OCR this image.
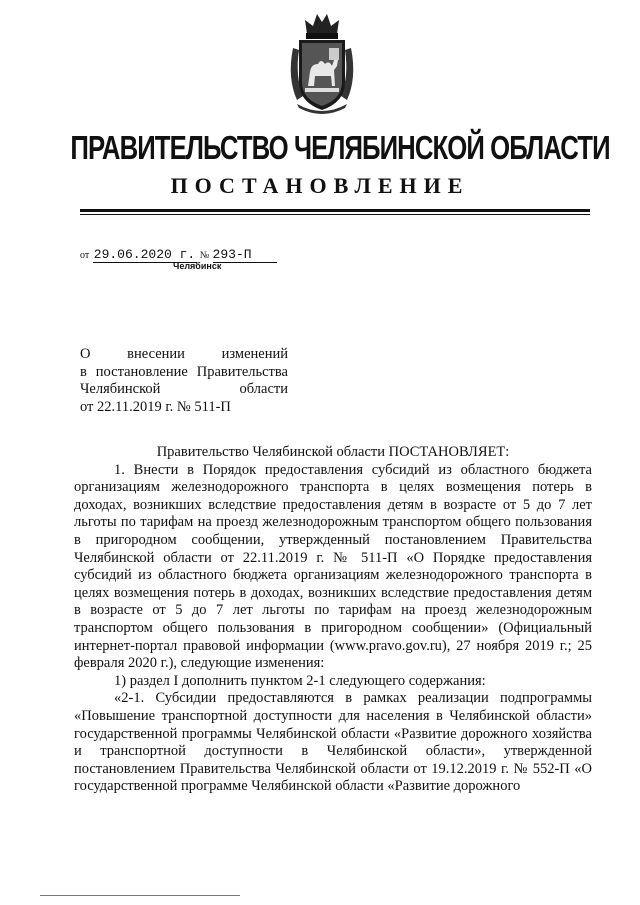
ПРАВИТЕЛЬСТВО ЧЕЛЯБИНСКОЙ ОБЛАСТИ
ПОСТАНОВЛЕНИЕ
от 29.06.2020 г. № 293-П
Челябинск
О внесении изменений
в постановление Правительства
Челябинской области
от 22.11.2019 г. № 511-П

Правительство Челябинской области ПОСТАНОВЛЯЕТ:

1. Внести в Порядок предоставления субсидий из областного бюджета организациям железнодорожного транспорта в целях возмещения потерь в доходах, возникших вследствие предоставления детям в возрасте от 5 до 7 лет льготы по тарифам на проезд железнодорожным транспортом общего пользования в пригородном сообщении, утвержденный постановлением Правительства Челябинской области от 22.11.2019 г. № 511-П «О Порядке предоставления субсидий из областного бюджета организациям железнодорожного транспорта в целях возмещения потерь в доходах, возникших вследствие предоставления детям в возрасте от 5 до 7 лет льготы по тарифам на проезд железнодорожным транспортом общего пользования в пригородном сообщении» (Официальный интернет-портал правовой информации (www.pravo.gov.ru), 27 ноября 2019 г.; 25 февраля 2020 г.), следующие изменения:

1) раздел I дополнить пунктом 2-1 следующего содержания:

«2-1. Субсидии предоставляются в рамках реализации подпрограммы «Повышение транспортной доступности для населения в Челябинской области» государственной программы Челябинской области «Развитие дорожного хозяйства и транспортной доступности в Челябинской области», утвержденной постановлением Правительства Челябинской области от 19.12.2019 г. № 552-П «О государственной программе Челябинской области «Развитие дорожного
